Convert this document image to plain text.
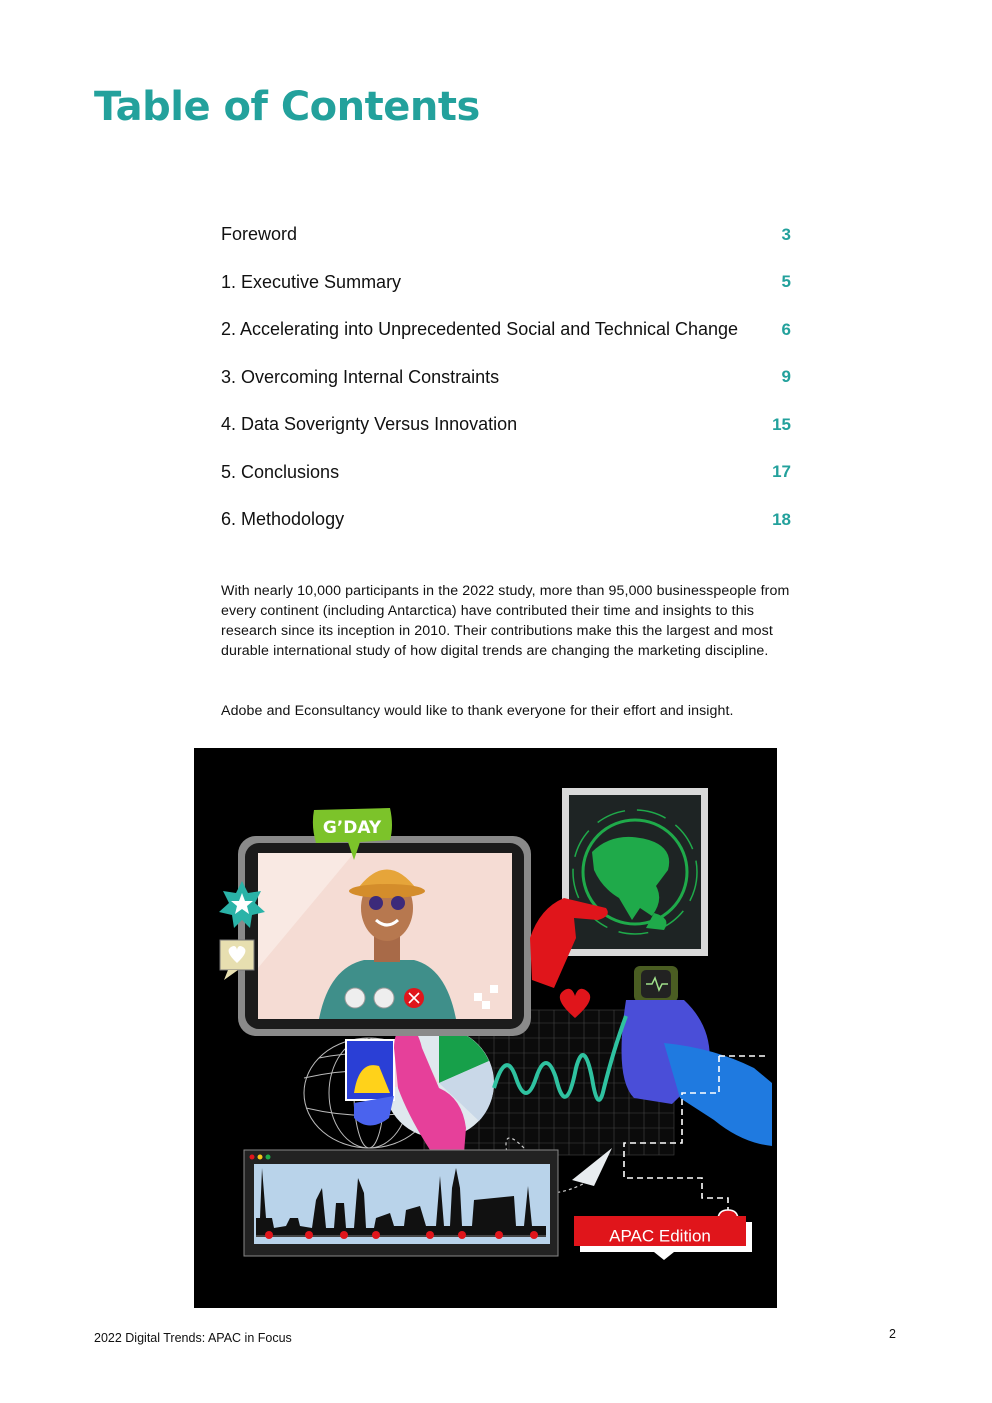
Table of Contents
Foreword	3
1. Executive Summary	5
2. Accelerating into Unprecedented Social and Technical Change	6
3. Overcoming Internal Constraints	9
4. Data Soverignty Versus Innovation	15
5. Conclusions	17
6. Methodology	18

With nearly 10,000 participants in the 2022 study, more than 95,000 businesspeople from every continent (including Antarctica) have contributed their time and insights to this research since its inception in 2010. Their contributions make this the largest and most durable international study of how digital trends are changing the marketing discipline.

Adobe and Econsultancy would like to thank everyone for their effort and insight.

G’DAY
APAC Edition
2022 Digital Trends: APAC in Focus	2
